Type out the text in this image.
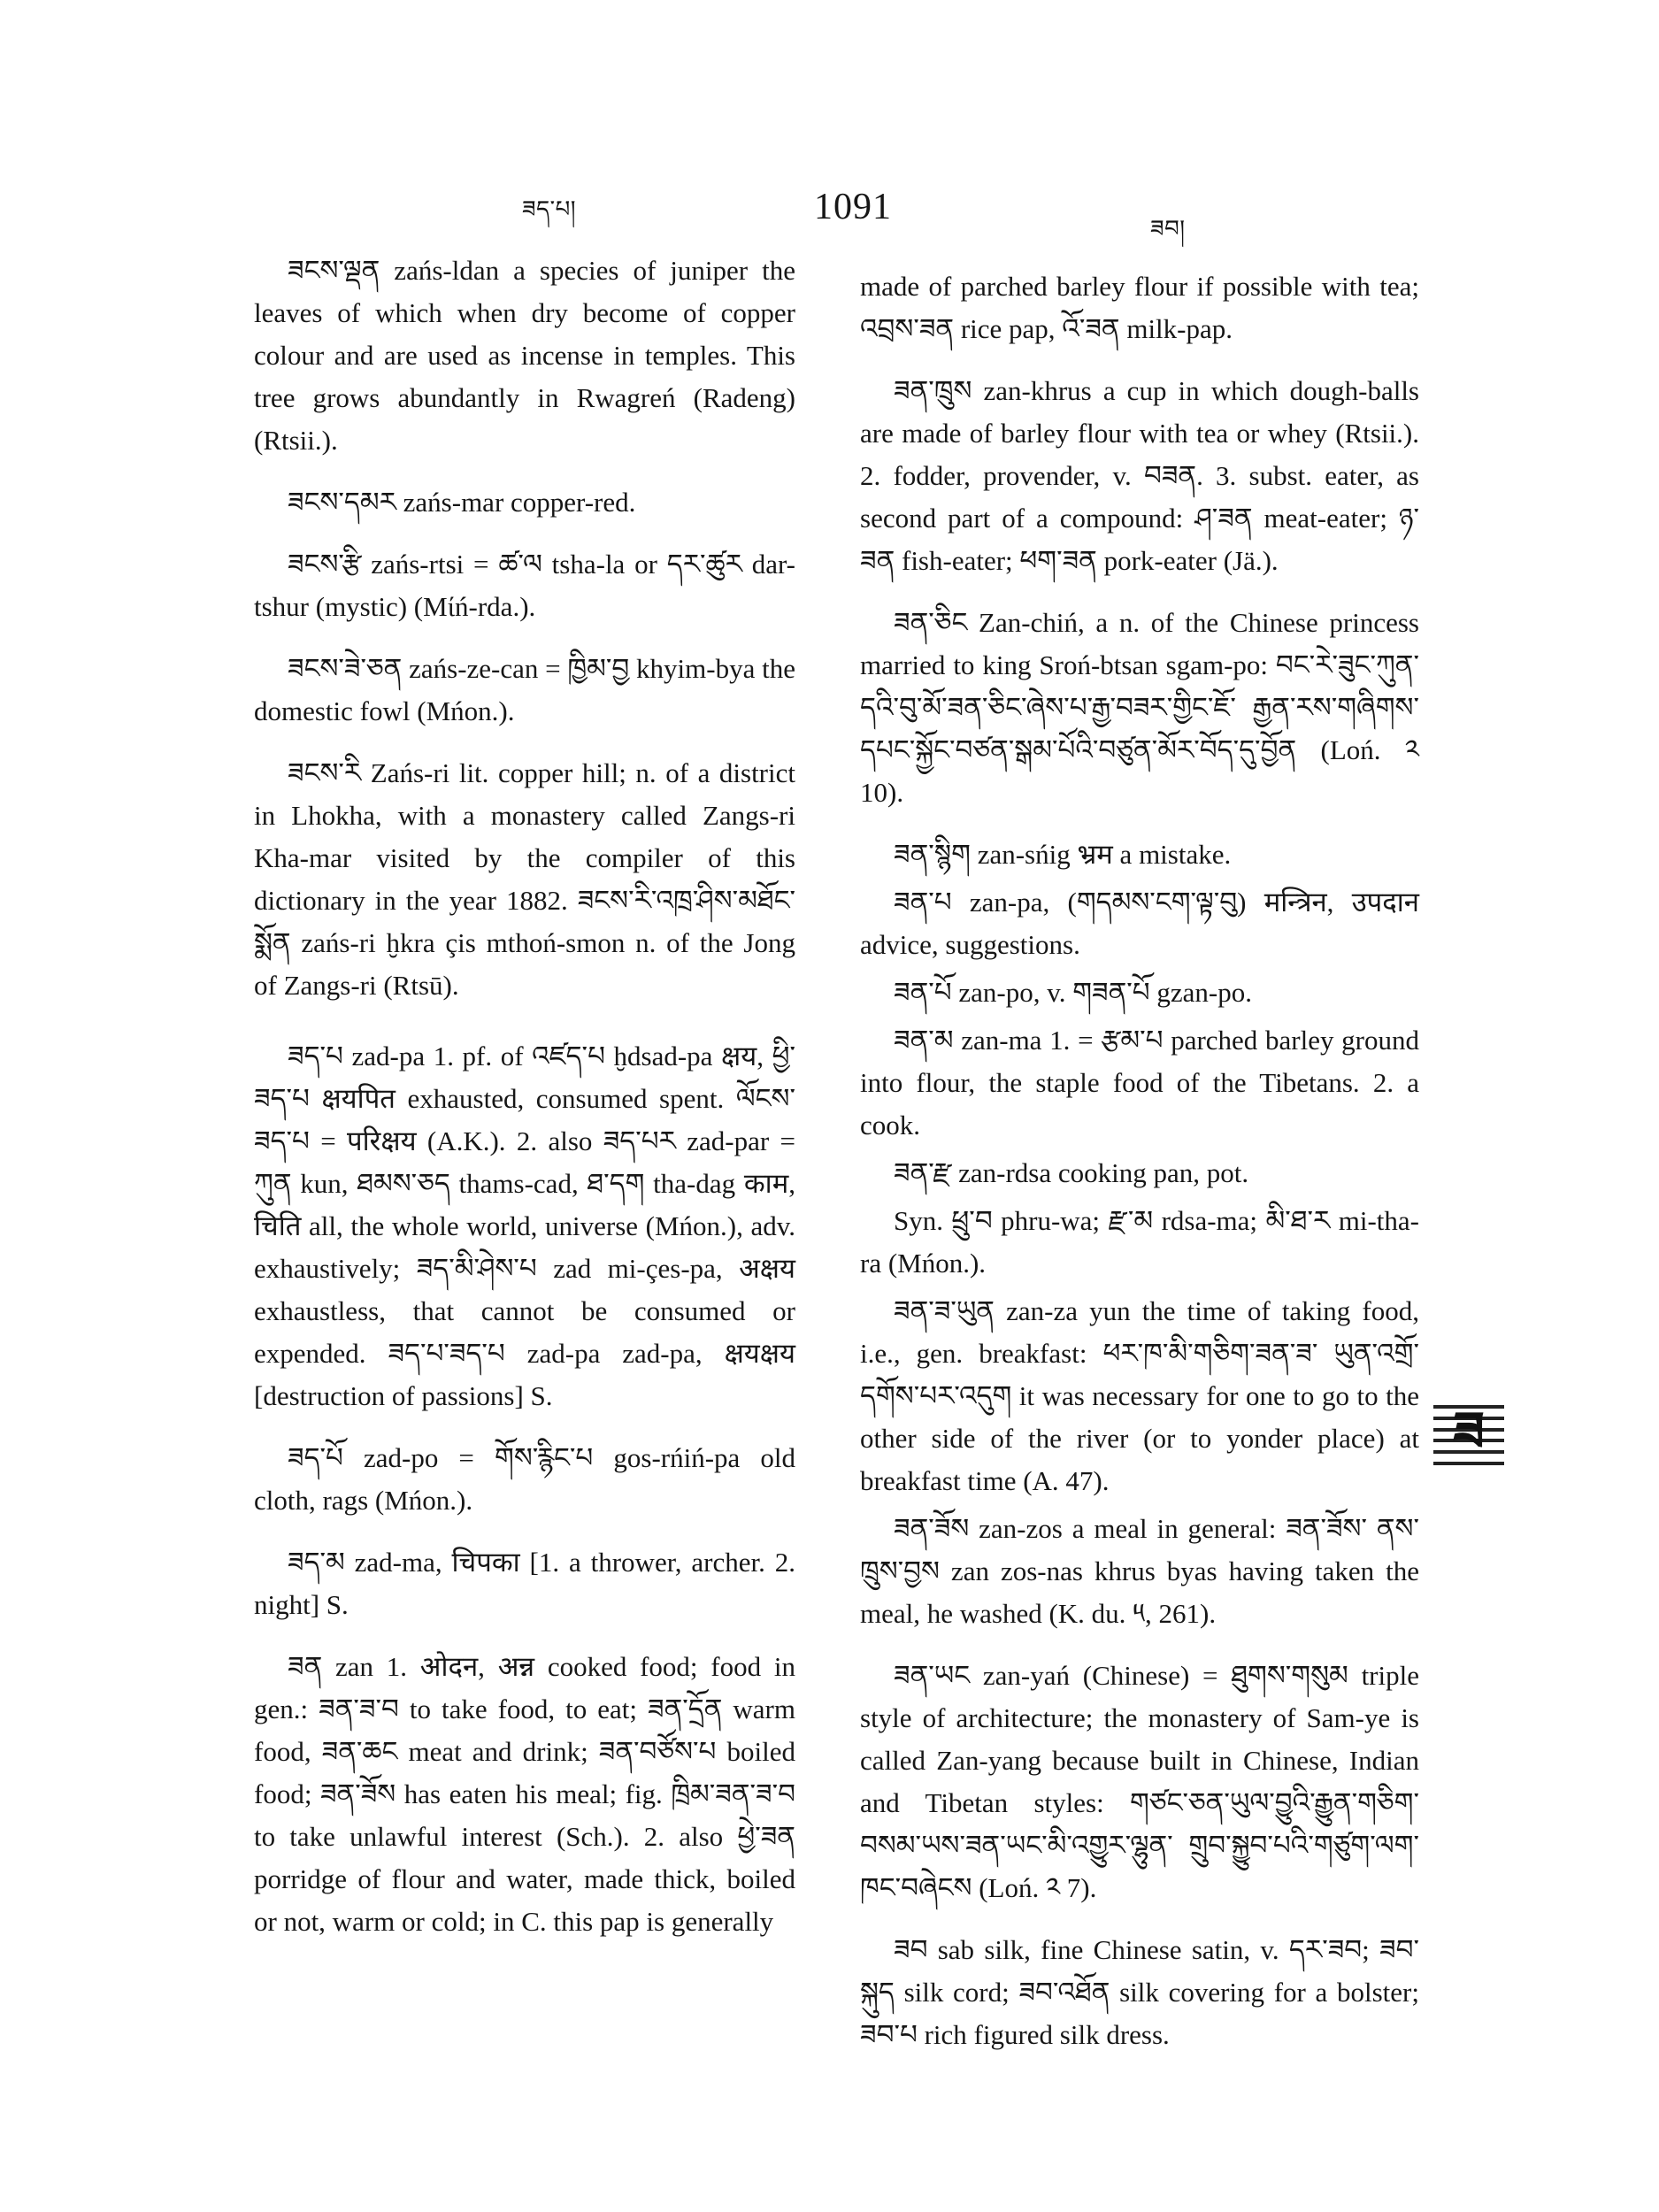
ཟད་པ།	1091
ཟབ།

ཟངས་ལྡན zańs-ldan a species of juniper the leaves of which when dry become of copper colour and are used as incense in temples. This tree grows abundantly in Rwagreń (Radeng) (Rtsii.).

ཟངས་དམར zańs-mar copper-red.

ཟངས་རྩི zańs-rtsi = ཚ་ལ tsha-la or དར་ཚུར dar-tshur (mystic) (Mίń-rda.).

ཟངས་ཟེ་ཅན zańs-ze-can = ཁྱིམ་བྱ khyim-bya the domestic fowl (Mńon.).

ཟངས་རི Zańs-ri lit. copper hill; n. of a district in Lhokha, with a monastery called Zangs-ri Kha-mar visited by the compiler of this dictionary in the year 1882. ཟངས་རི་འཁྲ་ཤིས་མཐོང་སྨོན zańs-ri ḫkra çis mthoń-smon n. of the Jong of Zangs-ri (Rtsū).

ཟད་པ zad-pa 1. pf. of འཛད་པ ḫdsad-pa क्षय, ཕྱི་ཟད་པ क्षयपित exhausted, consumed spent. ལོངས་ཟད་པ = परिक्षय (A.K.). 2. also ཟད་པར zad-par = ཀུན kun, ཐམས་ཅད thams-cad, ཐ་དག tha-dag काम, चिति all, the whole world, universe (Mńon.), adv. exhaustively; ཟད་མི་ཤེས་པ zad mi-çes-pa, अक्षय exhaustless, that cannot be consumed or expended. ཟད་པ་ཟད་པ zad-pa zad-pa, क्षयक्षय [destruction of passions] S.

ཟད་པོ zad-po = གོས་རྙིང་པ gos-rńiń-pa old cloth, rags (Mńon.).

ཟད་མ zad-ma, चिपका [1. a thrower, archer. 2. night] S.

ཟན zan 1. ओदन, अन्न cooked food; food in gen.: ཟན་ཟ་བ to take food, to eat; ཟན་དྲོན warm food, ཟན་ཆང meat and drink; ཟན་བཙོས་པ boiled food; ཟན་ཟོས has eaten his meal; fig. ཁྲིམ་ཟན་ཟ་བ to take unlawful interest (Sch.). 2. also ཕྱེ་ཟན porridge of flour and water, made thick, boiled or not, warm or cold; in C. this pap is generally

made of parched barley flour if possible with tea; འབྲས་ཟན rice pap, འོ་ཟན milk-pap.

ཟན་ཁྲུས zan-khrus a cup in which dough-balls are made of barley flour with tea or whey (Rtsii.). 2. fodder, provender, v. བཟན. 3. subst. eater, as second part of a compound: ཤ་ཟན meat-eater; ཉ་ཟན fish-eater; ཕག་ཟན pork-eater (Jä.).

ཟན་ཅིང Zan-chiń, a n. of the Chinese princess married to king Sroń-btsan sgam-po: བང་རེ་ཟུང་ཀུན་དའི་བུ་མོ་ཟན་ཅིང་ཞེས་པ་རྒྱ་བཟར་གྱིང་ཇོ་ རྒྱན་རས་གཞིགས་དཔང་སྐྱོང་བཙན་སྒམ་པོའི་བཙུན་མོར་བོད་དུ་བྱོན (Loń. ༢ 10).

ཟན་སྙིག zan-sńig भ्रम a mistake.

ཟན་པ zan-pa, (གདམས་ངག་ལྟ་བུ) मन्त्रिन, उपदान advice, suggestions.

ཟན་པོ zan-po, v. གཟན་པོ gzan-po.

ཟན་མ zan-ma 1. = རྩམ་པ parched barley ground into flour, the staple food of the Tibetans. 2. a cook.

ཟན་རྫ zan-rdsa cooking pan, pot.

Syn. ཕྲུ་བ phru-wa; རྫ་མ rdsa-ma; མི་ཐ་ར mi-tha-ra (Mńon.).

ཟན་ཟ་ཡུན zan-za yun the time of taking food, i.e., gen. breakfast: ཕར་ཁ་མི་གཅིག་ཟན་ཟ་ ཡུན་འགྲོ་དགོས་པར་འདུག it was necessary for one to go to the other side of the river (or to yonder place) at breakfast time (A. 47).

ཟན་ཟོས zan-zos a meal in general: ཟན་ཟོས་ ནས་ཁྲུས་བྱས zan zos-nas khrus byas having taken the meal, he washed (K. du. ༥, 261).

ཟན་ཡང zan-yań (Chinese) = ཐུགས་གསུམ triple style of architecture; the monastery of Sam-ye is called Zan-yang because built in Chinese, Indian and Tibetan styles: གཙང་ཅན་ཡུལ་བྱུའི་རྒྱུན་གཅིག་བསམ་ཡས་ཟན་ཡང་མི་འགྱུར་ལྷུན་ གྲུབ་སྐྱུབ་པའི་གཙུག་ལག་ཁང་བཞེངས (Loń. ༢ 7).

ཟབ sab silk, fine Chinese satin, v. དར་ཟབ; ཟབ་སྐུད silk cord; ཟབ་འཐོན silk covering for a bolster; ཟབ་པ rich figured silk dress.

ཟ
